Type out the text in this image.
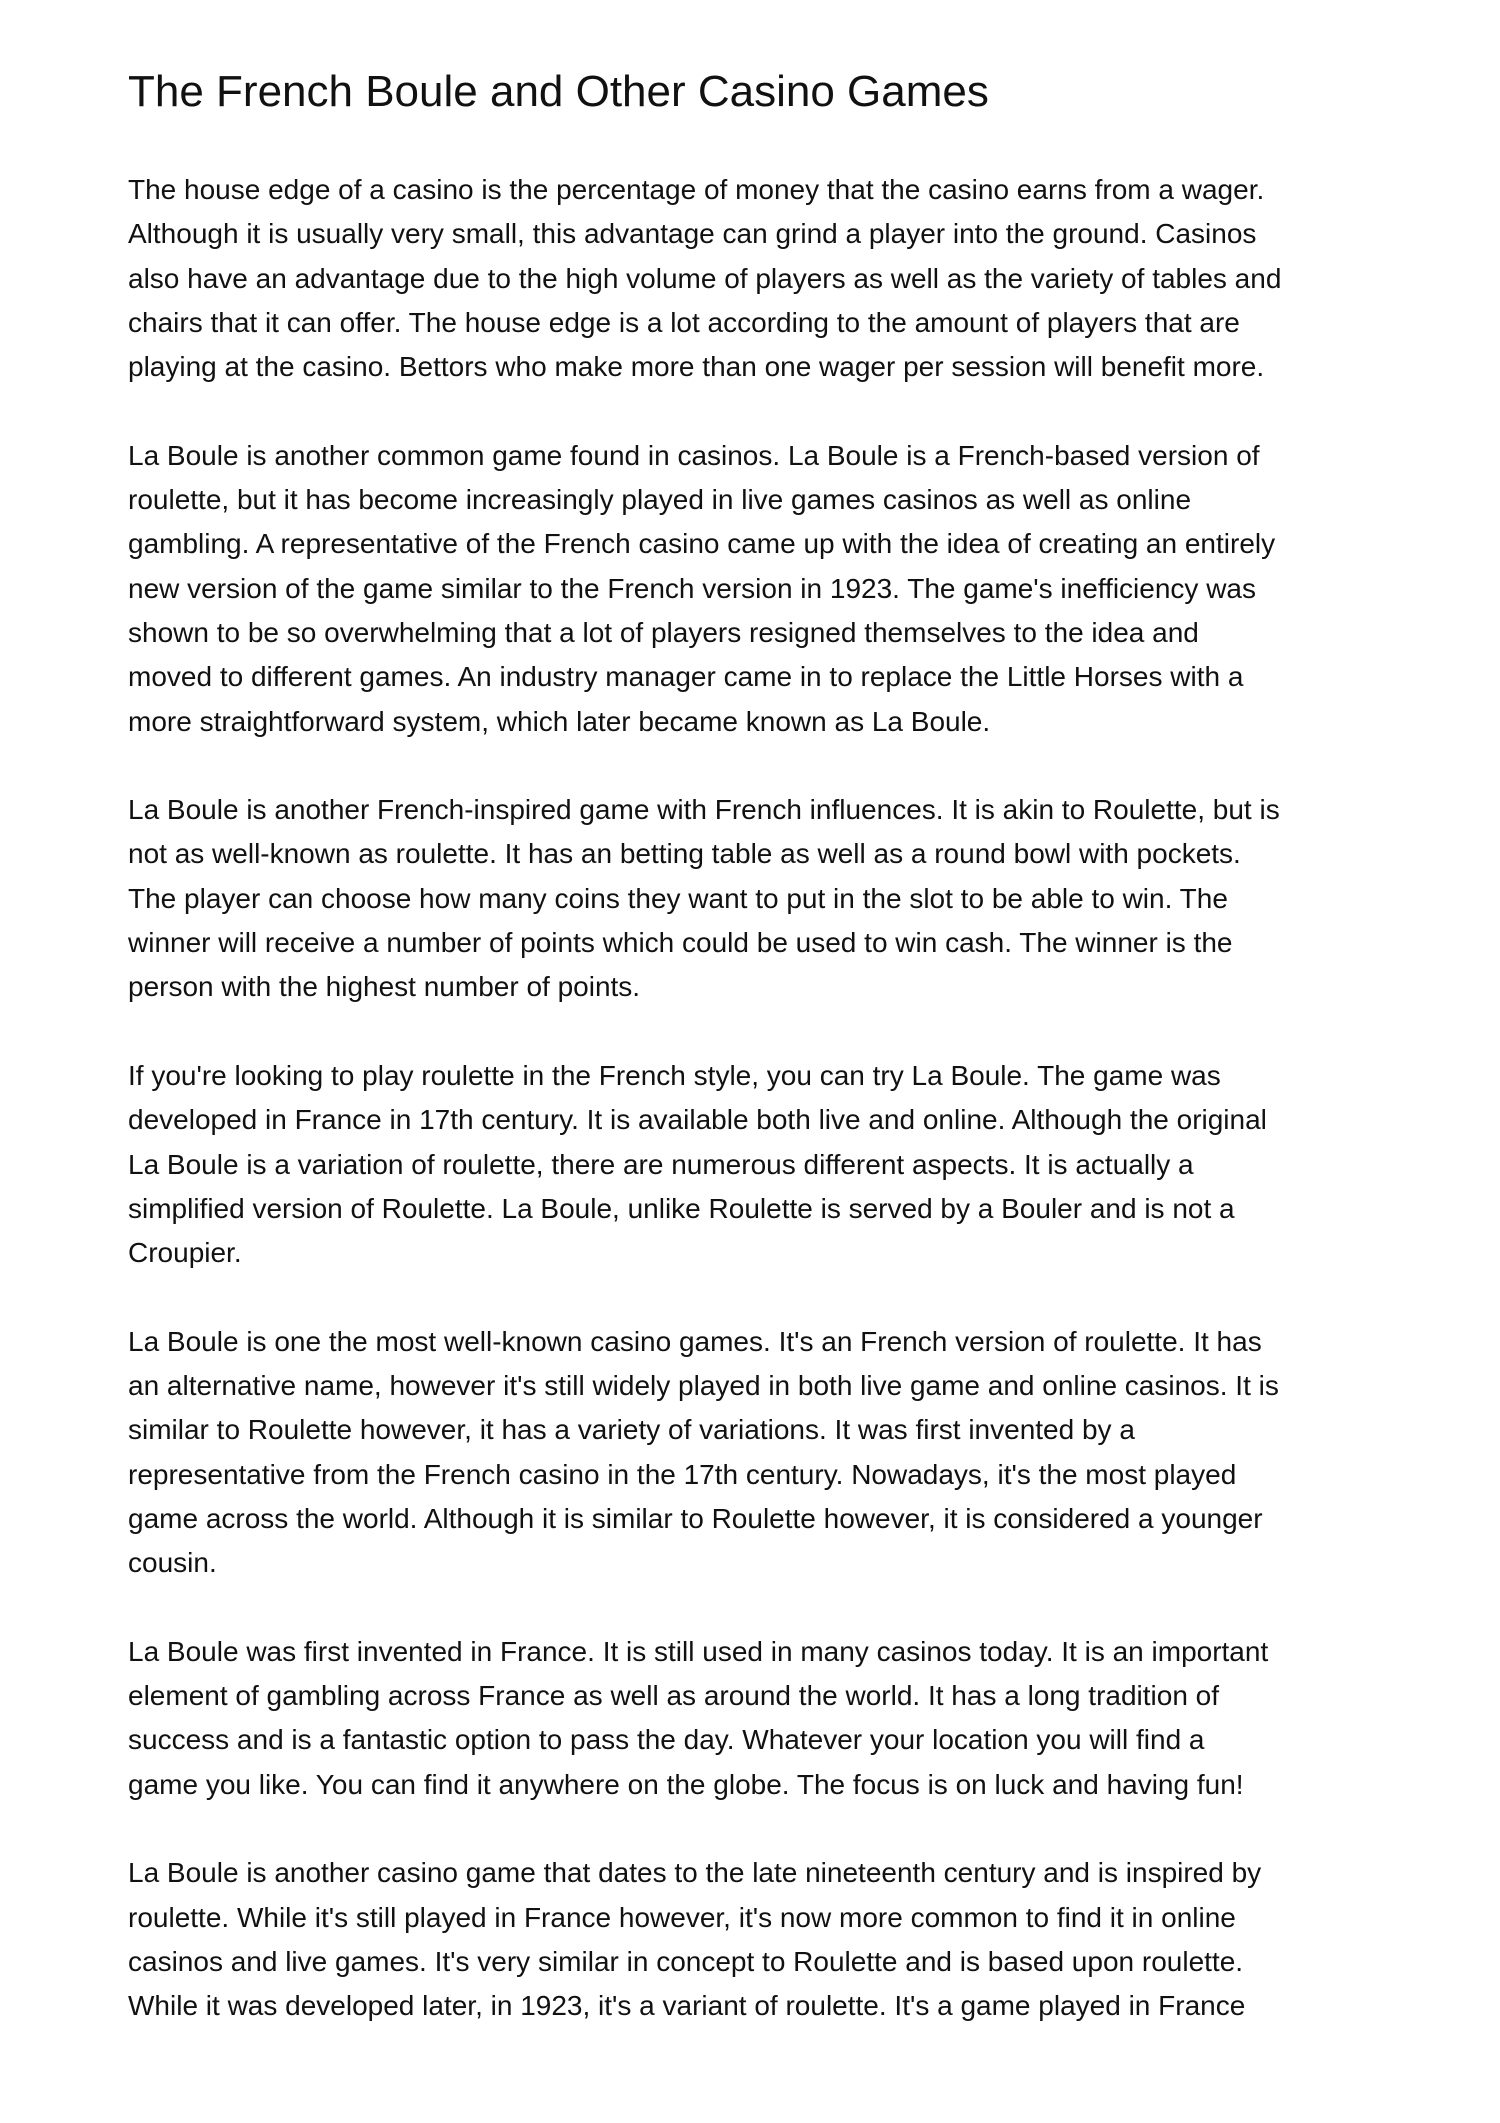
The French Boule and Other Casino Games

The house edge of a casino is the percentage of money that the casino earns from a wager.
Although it is usually very small, this advantage can grind a player into the ground. Casinos
also have an advantage due to the high volume of players as well as the variety of tables and
chairs that it can offer. The house edge is a lot according to the amount of players that are
playing at the casino. Bettors who make more than one wager per session will benefit more.

La Boule is another common game found in casinos. La Boule is a French-based version of
roulette, but it has become increasingly played in live games casinos as well as online
gambling. A representative of the French casino came up with the idea of creating an entirely
new version of the game similar to the French version in 1923. The game's inefficiency was
shown to be so overwhelming that a lot of players resigned themselves to the idea and
moved to different games. An industry manager came in to replace the Little Horses with a
more straightforward system, which later became known as La Boule.

La Boule is another French-inspired game with French influences. It is akin to Roulette, but is
not as well-known as roulette. It has an betting table as well as a round bowl with pockets.
The player can choose how many coins they want to put in the slot to be able to win. The
winner will receive a number of points which could be used to win cash. The winner is the
person with the highest number of points.

If you're looking to play roulette in the French style, you can try La Boule. The game was
developed in France in 17th century. It is available both live and online. Although the original
La Boule is a variation of roulette, there are numerous different aspects. It is actually a
simplified version of Roulette. La Boule, unlike Roulette is served by a Bouler and is not a
Croupier.

La Boule is one the most well-known casino games. It's an French version of roulette. It has
an alternative name, however it's still widely played in both live game and online casinos. It is
similar to Roulette however, it has a variety of variations. It was first invented by a
representative from the French casino in the 17th century. Nowadays, it's the most played
game across the world. Although it is similar to Roulette however, it is considered a younger
cousin.

La Boule was first invented in France. It is still used in many casinos today. It is an important
element of gambling across France as well as around the world. It has a long tradition of
success and is a fantastic option to pass the day. Whatever your location you will find a
game you like. You can find it anywhere on the globe. The focus is on luck and having fun!

La Boule is another casino game that dates to the late nineteenth century and is inspired by
roulette. While it's still played in France however, it's now more common to find it in online
casinos and live games. It's very similar in concept to Roulette and is based upon roulette.
While it was developed later, in 1923, it's a variant of roulette. It's a game played in France
